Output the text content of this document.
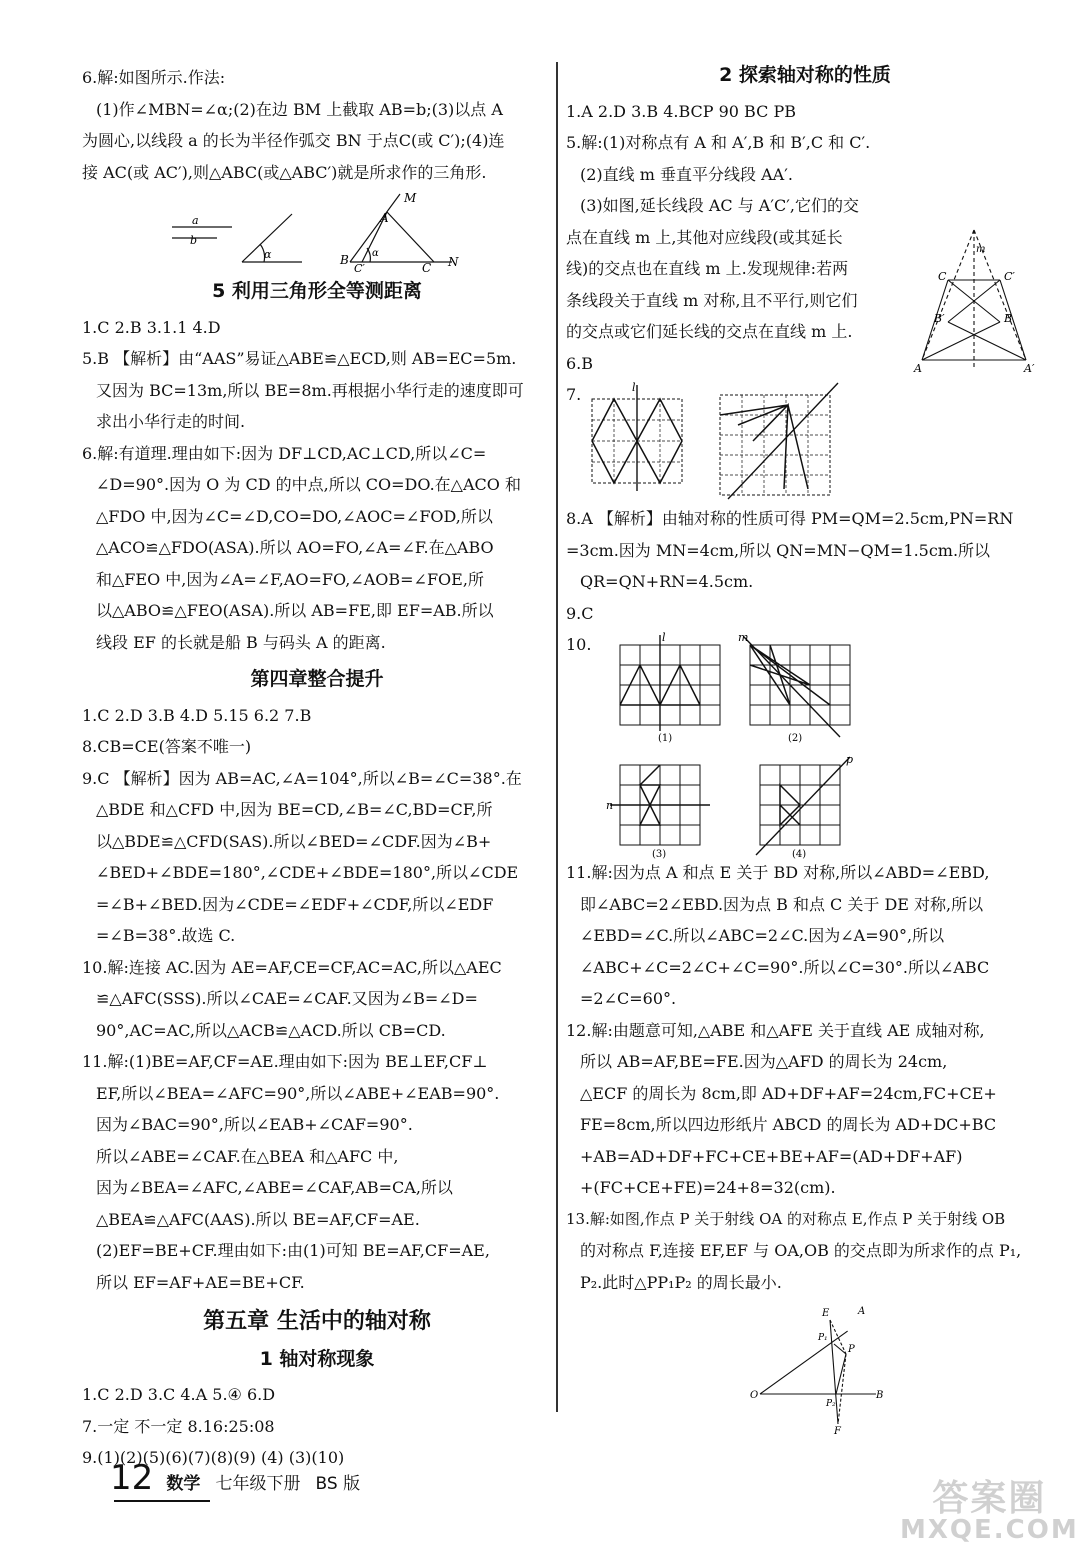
6.解:如图所示.作法:

(1)作∠MBN=∠α;(2)在边 BM 上截取 AB=b;(3)以点 A

为圆心,以线段 a 的长为半径作弧交 BN 于点C(或 C′);(4)连

接 AC(或 AC′),则△ABC(或△ABC′)就是所求作的三角形.

a
b
α
M
A
B
C′	C N
α

5 利用三角形全等测距离

1.C 2.B 3.1.1 4.D

5.B 【解析】由“AAS”易证△ABE≌△ECD,则 AB=EC=5m.

又因为 BC=13m,所以 BE=8m.再根据小华行走的速度即可

求出小华行走的时间.

6.解:有道理.理由如下:因为 DF⊥CD,AC⊥CD,所以∠C=

∠D=90°.因为 O 为 CD 的中点,所以 CO=DO.在△ACO 和

△FDO 中,因为∠C=∠D,CO=DO,∠AOC=∠FOD,所以

△ACO≌△FDO(ASA).所以 AO=FO,∠A=∠F.在△ABO

和△FEO 中,因为∠A=∠F,AO=FO,∠AOB=∠FOE,所

以△ABO≌△FEO(ASA).所以 AB=FE,即 EF=AB.所以

线段 EF 的长就是船 B 与码头 A 的距离.

第四章整合提升

1.C 2.D 3.B 4.D 5.15 6.2 7.B

8.CB=CE(答案不唯一)

9.C 【解析】因为 AB=AC,∠A=104°,所以∠B=∠C=38°.在

△BDE 和△CFD 中,因为 BE=CD,∠B=∠C,BD=CF,所

以△BDE≌△CFD(SAS).所以∠BED=∠CDF.因为∠B+

∠BED+∠BDE=180°,∠CDE+∠BDE=180°,所以∠CDE

=∠B+∠BED.因为∠CDE=∠EDF+∠CDF,所以∠EDF

=∠B=38°.故选 C.

10.解:连接 AC.因为 AE=AF,CE=CF,AC=AC,所以△AEC

≌△AFC(SSS).所以∠CAE=∠CAF.又因为∠B=∠D=

90°,AC=AC,所以△ACB≌△ACD.所以 CB=CD.

11.解:(1)BE=AF,CF=AE.理由如下:因为 BE⊥EF,CF⊥

EF,所以∠BEA=∠AFC=90°,所以∠ABE+∠EAB=90°.

因为∠BAC=90°,所以∠EAB+∠CAF=90°.

所以∠ABE=∠CAF.在△BEA 和△AFC 中,

因为∠BEA=∠AFC,∠ABE=∠CAF,AB=CA,所以

△BEA≌△AFC(AAS).所以 BE=AF,CF=AE.

(2)EF=BE+CF.理由如下:由(1)可知 BE=AF,CF=AE,

所以 EF=AF+AE=BE+CF.

第五章 生活中的轴对称

1 轴对称现象

1.C 2.D 3.C 4.A 5.④ 6.D

7.一定 不一定 8.16:25:08

9.(1)(2)(5)(6)(7)(8)(9) (4) (3)(10)

2 探索轴对称的性质

1.A 2.D 3.B 4.BCP 90 BC PB

5.解:(1)对称点有 A 和 A′,B 和 B′,C 和 C′.

(2)直线 m 垂直平分线段 AA′.

(3)如图,延长线段 AC 与 A′C′,它们的交

点在直线 m 上,其他对应线段(或其延长

线)的交点也在直线 m 上.发现规律:若两

条线段关于直线 m 对称,且不平行,则它们

的交点或它们延长线的交点在直线 m 上.

m
C	C′
B′	B
A	A′

6.B

7.	l

8.A 【解析】由轴对称的性质可得 PM=QM=2.5cm,PN=RN

=3cm.因为 MN=4cm,所以 QN=MN−QM=1.5cm.所以

QR=QN+RN=4.5cm.

9.C

10.	l	m
n
p
(1)	(2)
(3)	(4)

11.解:因为点 A 和点 E 关于 BD 对称,所以∠ABD=∠EBD,

即∠ABC=2∠EBD.因为点 B 和点 C 关于 DE 对称,所以

∠EBD=∠C.所以∠ABC=2∠C.因为∠A=90°,所以

∠ABC+∠C=2∠C+∠C=90°.所以∠C=30°.所以∠ABC

=2∠C=60°.

12.解:由题意可知,△ABE 和△AFE 关于直线 AE 成轴对称,

所以 AB=AF,BE=FE.因为△AFD 的周长为 24cm,

△ECF 的周长为 8cm,即 AD+DF+AF=24cm,FC+CE+

FE=8cm,所以四边形纸片 ABCD 的周长为 AD+DC+BC

+AB=AD+DF+FC+CE+BE+AF=(AD+DF+AF)

+(FC+CE+FE)=24+8=32(cm).

13.解:如图,作点 P 关于射线 OA 的对称点 E,作点 P 关于射线 OB

的对称点 F,连接 EF,EF 与 OA,OB 的交点即为所求作的点 P₁,

P₂.此时△PP₁P₂ 的周长最小.

E	A
P₁
P
O
P₂
B
F
12 数学 七年级下册 BS 版	答案圈
MXQE.COM
